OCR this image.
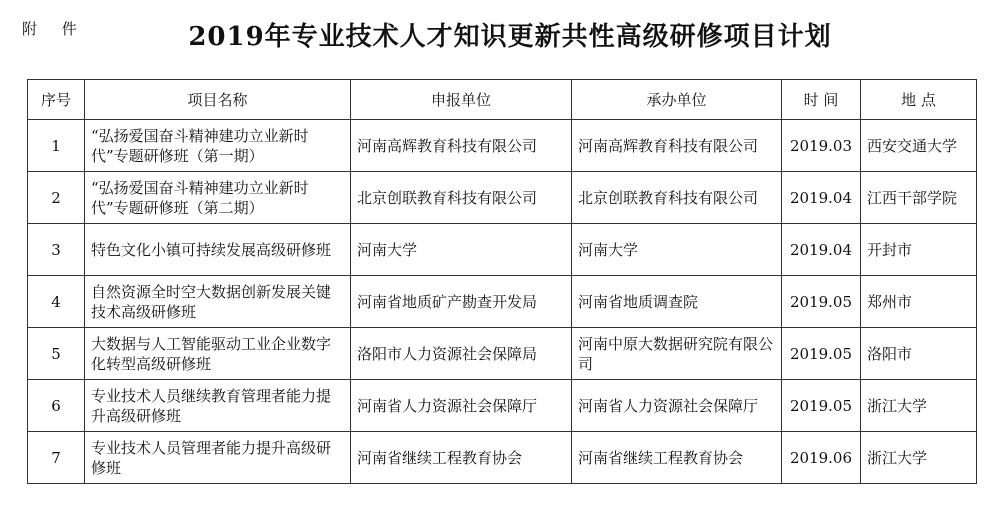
附 件	2019年专业技术人才知识更新共性高级研修项目计划
序号	项目名称	申报单位	承办单位	时 间	地 点
1	“弘扬爱国奋斗精神建功立业新时代”专题研修班（第一期）	河南高辉教育科技有限公司	河南高辉教育科技有限公司	2019.03	西安交通大学
2	“弘扬爱国奋斗精神建功立业新时代”专题研修班（第二期）	北京创联教育科技有限公司	北京创联教育科技有限公司	2019.04	江西干部学院
3	特色文化小镇可持续发展高级研修班	河南大学	河南大学	2019.04	开封市
4	自然资源全时空大数据创新发展关键技术高级研修班	河南省地质矿产勘查开发局	河南省地质调查院	2019.05	郑州市
5	大数据与人工智能驱动工业企业数字化转型高级研修班	洛阳市人力资源社会保障局	河南中原大数据研究院有限公司	2019.05	洛阳市
6	专业技术人员继续教育管理者能力提升高级研修班	河南省人力资源社会保障厅	河南省人力资源社会保障厅	2019.05	浙江大学
7	专业技术人员管理者能力提升高级研修班	河南省继续工程教育协会	河南省继续工程教育协会	2019.06	浙江大学
